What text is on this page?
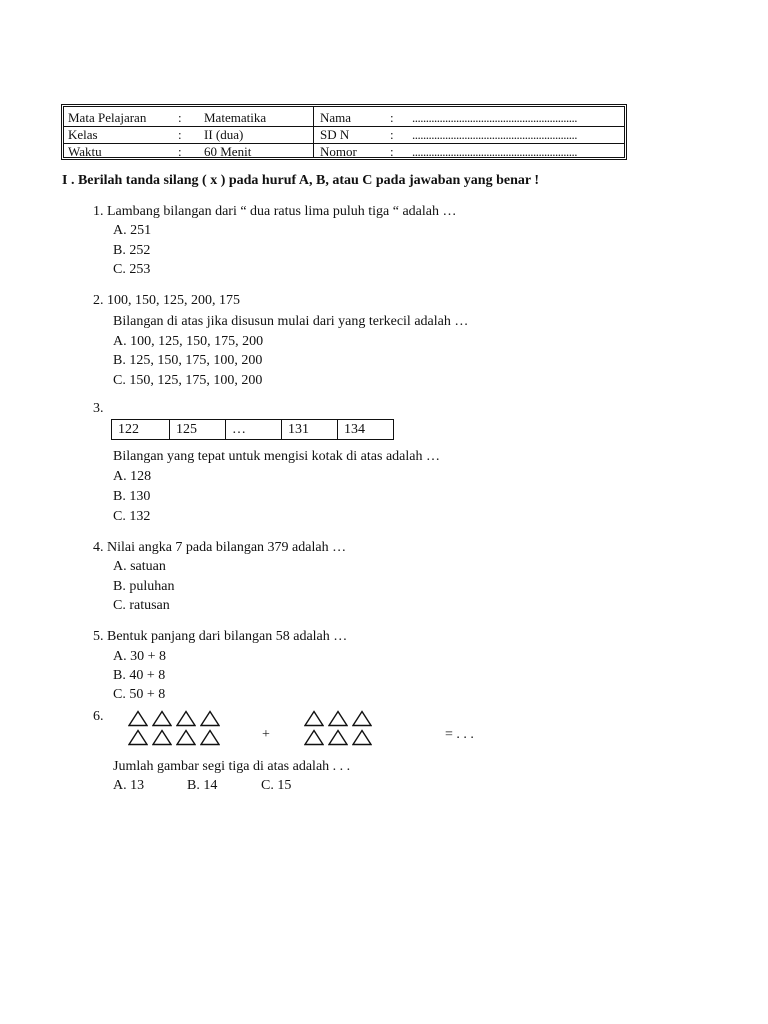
Mata Pelajaran : Matematika	Nama	: ............................................................
Kelas	: II (dua)	SD N	: ............................................................
Waktu	: 60 Menit	Nomor	: ............................................................
I . Berilah tanda silang ( x ) pada huruf A, B, atau C pada jawaban yang benar !
1. Lambang bilangan dari “ dua ratus lima puluh tiga “ adalah …
A. 251
B. 252
C. 253
2. 100, 150, 125, 200, 175
Bilangan di atas jika disusun mulai dari yang terkecil adalah …
A. 100, 125, 150, 175, 200
B. 125, 150, 175, 100, 200
C. 150, 125, 175, 100, 200
3.
122	125	…	131	134
Bilangan yang tepat untuk mengisi kotak di atas adalah …
A. 128
B. 130
C. 132
4. Nilai angka 7 pada bilangan 379 adalah …
A. satuan
B. puluhan
C. ratusan
5. Bentuk panjang dari bilangan 58 adalah …
A. 30 + 8
B. 40 + 8
C. 50 + 8
6.
+	= . . .
Jumlah gambar segi tiga di atas adalah . . .
A. 13	B. 14	C. 15
